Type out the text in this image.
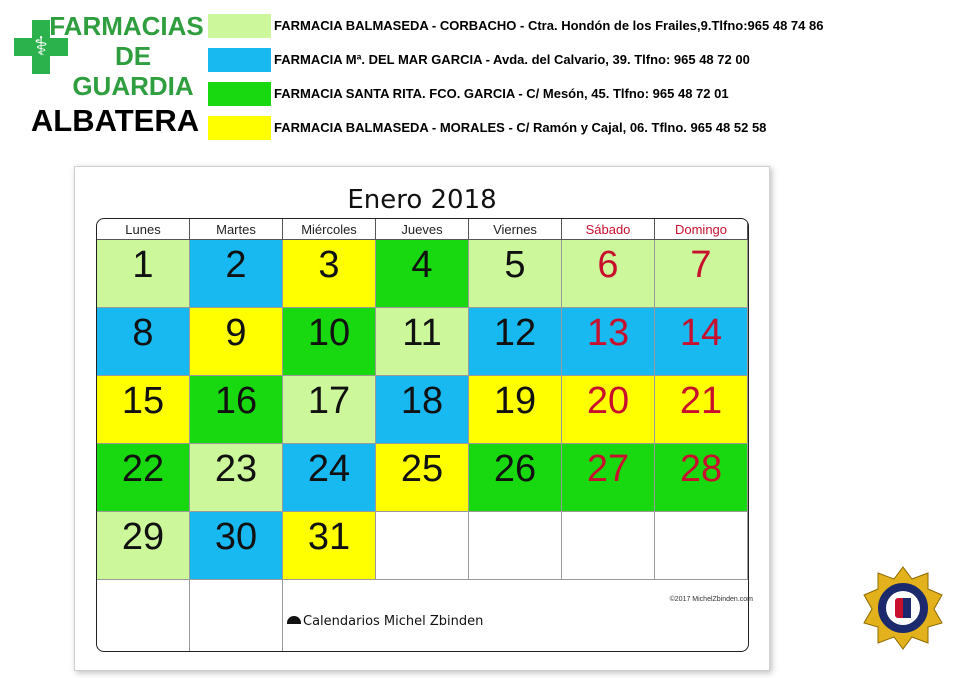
⚕
FARMACIAS
DE
GUARDIA
ALBATERA
FARMACIA BALMASEDA - CORBACHO - Ctra. Hondón de los Frailes,9.Tlfno:965 48 74 86
FARMACIA Mª. DEL MAR GARCIA - Avda. del Calvario, 39. Tlfno: 965 48 72 00
FARMACIA SANTA RITA. FCO. GARCIA - C/ Mesón, 45. Tlfno: 965 48 72 01
FARMACIA BALMASEDA - MORALES - C/ Ramón y Cajal, 06. Tflno. 965 48 52 58
Enero 2018
Lunes	Martes	Miércoles	Jueves	Viernes	Sábado	Domingo
1	2	3	4	5	6	7
8	9	10	11	12	13	14
15	16	17	18	19	20	21
22	23	24	25	26	27	28
29	30	31
©2017 MichelZbinden.com
Calendarios Michel Zbinden
